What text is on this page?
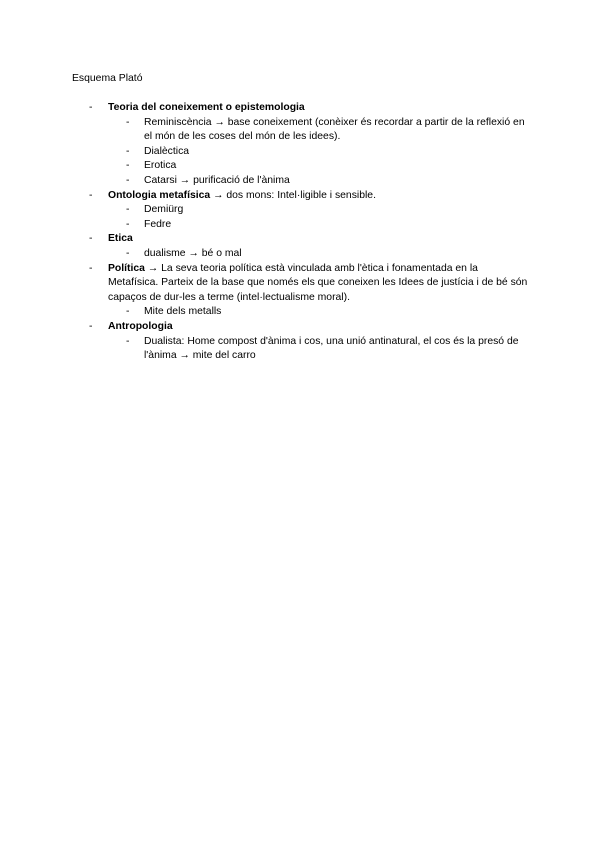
Esquema Plató
- Teoria del coneixement o epistemologia
- Reminiscència → base coneixement (conèixer és recordar a partir de la reflexió en el món de les coses del món de les idees).
- Dialèctica
- Erotica
- Catarsi → purificació de l'ànima
- Ontologia metafísica → dos mons: Intel·ligible i sensible.
- Demiürg
- Fedre
- Etica
- dualisme → bé o mal
- Política → La seva teoria política està vinculada amb l'ètica i fonamentada en la Metafísica. Parteix de la base que només els que coneixen les Idees de justícia i de bé són capaços de dur-les a terme (intel·lectualisme moral).
- Mite dels metalls
- Antropologia
- Dualista: Home compost d'ànima i cos, una unió antinatural, el cos és la presó de l'ànima → mite del carro
